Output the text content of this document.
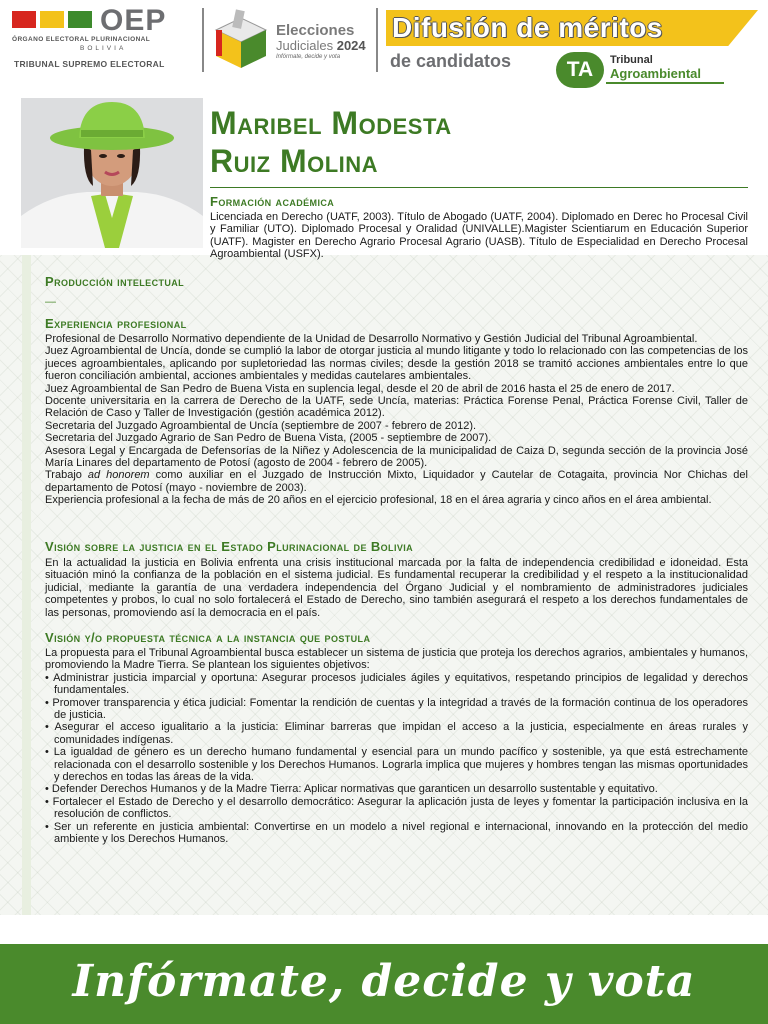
OEP
ÓRGANO ELECTORAL PLURINACIONAL
BOLIVIA
TRIBUNAL SUPREMO ELECTORAL
Elecciones
Judiciales 2024
Infórmate, decide y vota
Difusión de méritos
de candidatos	TA	Tribunal
Agroambiental
Maribel Modesta
Ruiz Molina
Formación académica
Licenciada en Derecho (UATF, 2003). Título de Abogado (UATF, 2004). Diplomado en Derec ho Procesal Civil y Familiar (UTO). Diplomado Procesal y Oralidad (UNIVALLE).Magister Scientiarum en Educación Superior (UATF). Magister en Derecho Agrario Procesal Agrario (UASB). Título de Especialidad en Derecho Procesal Agroambiental (USFX).
Producción intelectual
—
Experiencia profesional

Profesional de Desarrollo Normativo dependiente de la Unidad de Desarrollo Normativo y Gestión Judicial del Tribunal Agroambiental.

Juez Agroambiental de Uncía, donde se cumplió la labor de otorgar justicia al mundo litigante y todo lo relacionado con las competencias de los jueces agroambientales, aplicando por supletoriedad las normas civiles; desde la gestión 2018 se tramitó acciones ambientales entre lo que fueron conciliación ambiental, acciones ambientales y medidas cautelares ambientales.

Juez Agroambiental de San Pedro de Buena Vista en suplencia legal, desde el 20 de abril de 2016 hasta el 25 de enero de 2017.

Docente universitaria en la carrera de Derecho de la UATF, sede Uncía, materias: Práctica Forense Penal, Práctica Forense Civil, Taller de Relación de Caso y Taller de Investigación (gestión académica 2012).

Secretaria del Juzgado Agroambiental de Uncía (septiembre de 2007 - febrero de 2012).

Secretaria del Juzgado Agrario de San Pedro de Buena Vista, (2005 - septiembre de 2007).

Asesora Legal y Encargada de Defensorías de la Niñez y Adolescencia de la municipalidad de Caiza D, segunda sección de la provincia José María Linares del departamento de Potosí (agosto de 2004 - febrero de 2005).

Trabajo ad honorem como auxiliar en el Juzgado de Instrucción Mixto, Liquidador y Cautelar de Cotagaita, provincia Nor Chichas del departamento de Potosí (mayo - noviembre de 2003).

Experiencia profesional a la fecha de más de 20 años en el ejercicio profesional, 18 en el área agraria y cinco años en el área ambiental.

Visión sobre la justicia en el Estado Plurinacional de Bolivia
En la actualidad la justicia en Bolivia enfrenta una crisis institucional marcada por la falta de independencia credibilidad e idoneidad. Esta situación minó la confianza de la población en el sistema judicial. Es fundamental recuperar la credibilidad y el respeto a la institucionalidad judicial, mediante la garantía de una verdadera independencia del Órgano Judicial y el nombramiento de administradores judiciales competentes y probos, lo cual no solo fortalecerá el Estado de Derecho, sino también asegurará el respeto a los derechos fundamentales de las personas, promoviendo así la democracia en el país.
Visión y/o propuesta técnica a la instancia que postula

La propuesta para el Tribunal Agroambiental busca establecer un sistema de justicia que proteja los derechos agrarios, ambientales y humanos, promoviendo la Madre Tierra. Se plantean los siguientes objetivos:

• Administrar justicia imparcial y oportuna: Asegurar procesos judiciales ágiles y equitativos, respetando principios de legalidad y derechos fundamentales.

• Promover transparencia y ética judicial: Fomentar la rendición de cuentas y la integridad a través de la formación continua de los operadores de justicia.

• Asegurar el acceso igualitario a la justicia: Eliminar barreras que impidan el acceso a la justicia, especialmente en áreas rurales y comunidades indígenas.

• La igualdad de género es un derecho humano fundamental y esencial para un mundo pacífico y sostenible, ya que está estrechamente relacionada con el desarrollo sostenible y los Derechos Humanos. Lograrla implica que mujeres y hombres tengan las mismas oportunidades y derechos en todas las áreas de la vida.

• Defender Derechos Humanos y de la Madre Tierra: Aplicar normativas que garanticen un desarrollo sustentable y equitativo.

• Fortalecer el Estado de Derecho y el desarrollo democrático: Asegurar la aplicación justa de leyes y fomentar la participación inclusiva en la resolución de conflictos.

• Ser un referente en justicia ambiental: Convertirse en un modelo a nivel regional e internacional, innovando en la protección del medio ambiente y los Derechos Humanos.

Infórmate, decide y vota
